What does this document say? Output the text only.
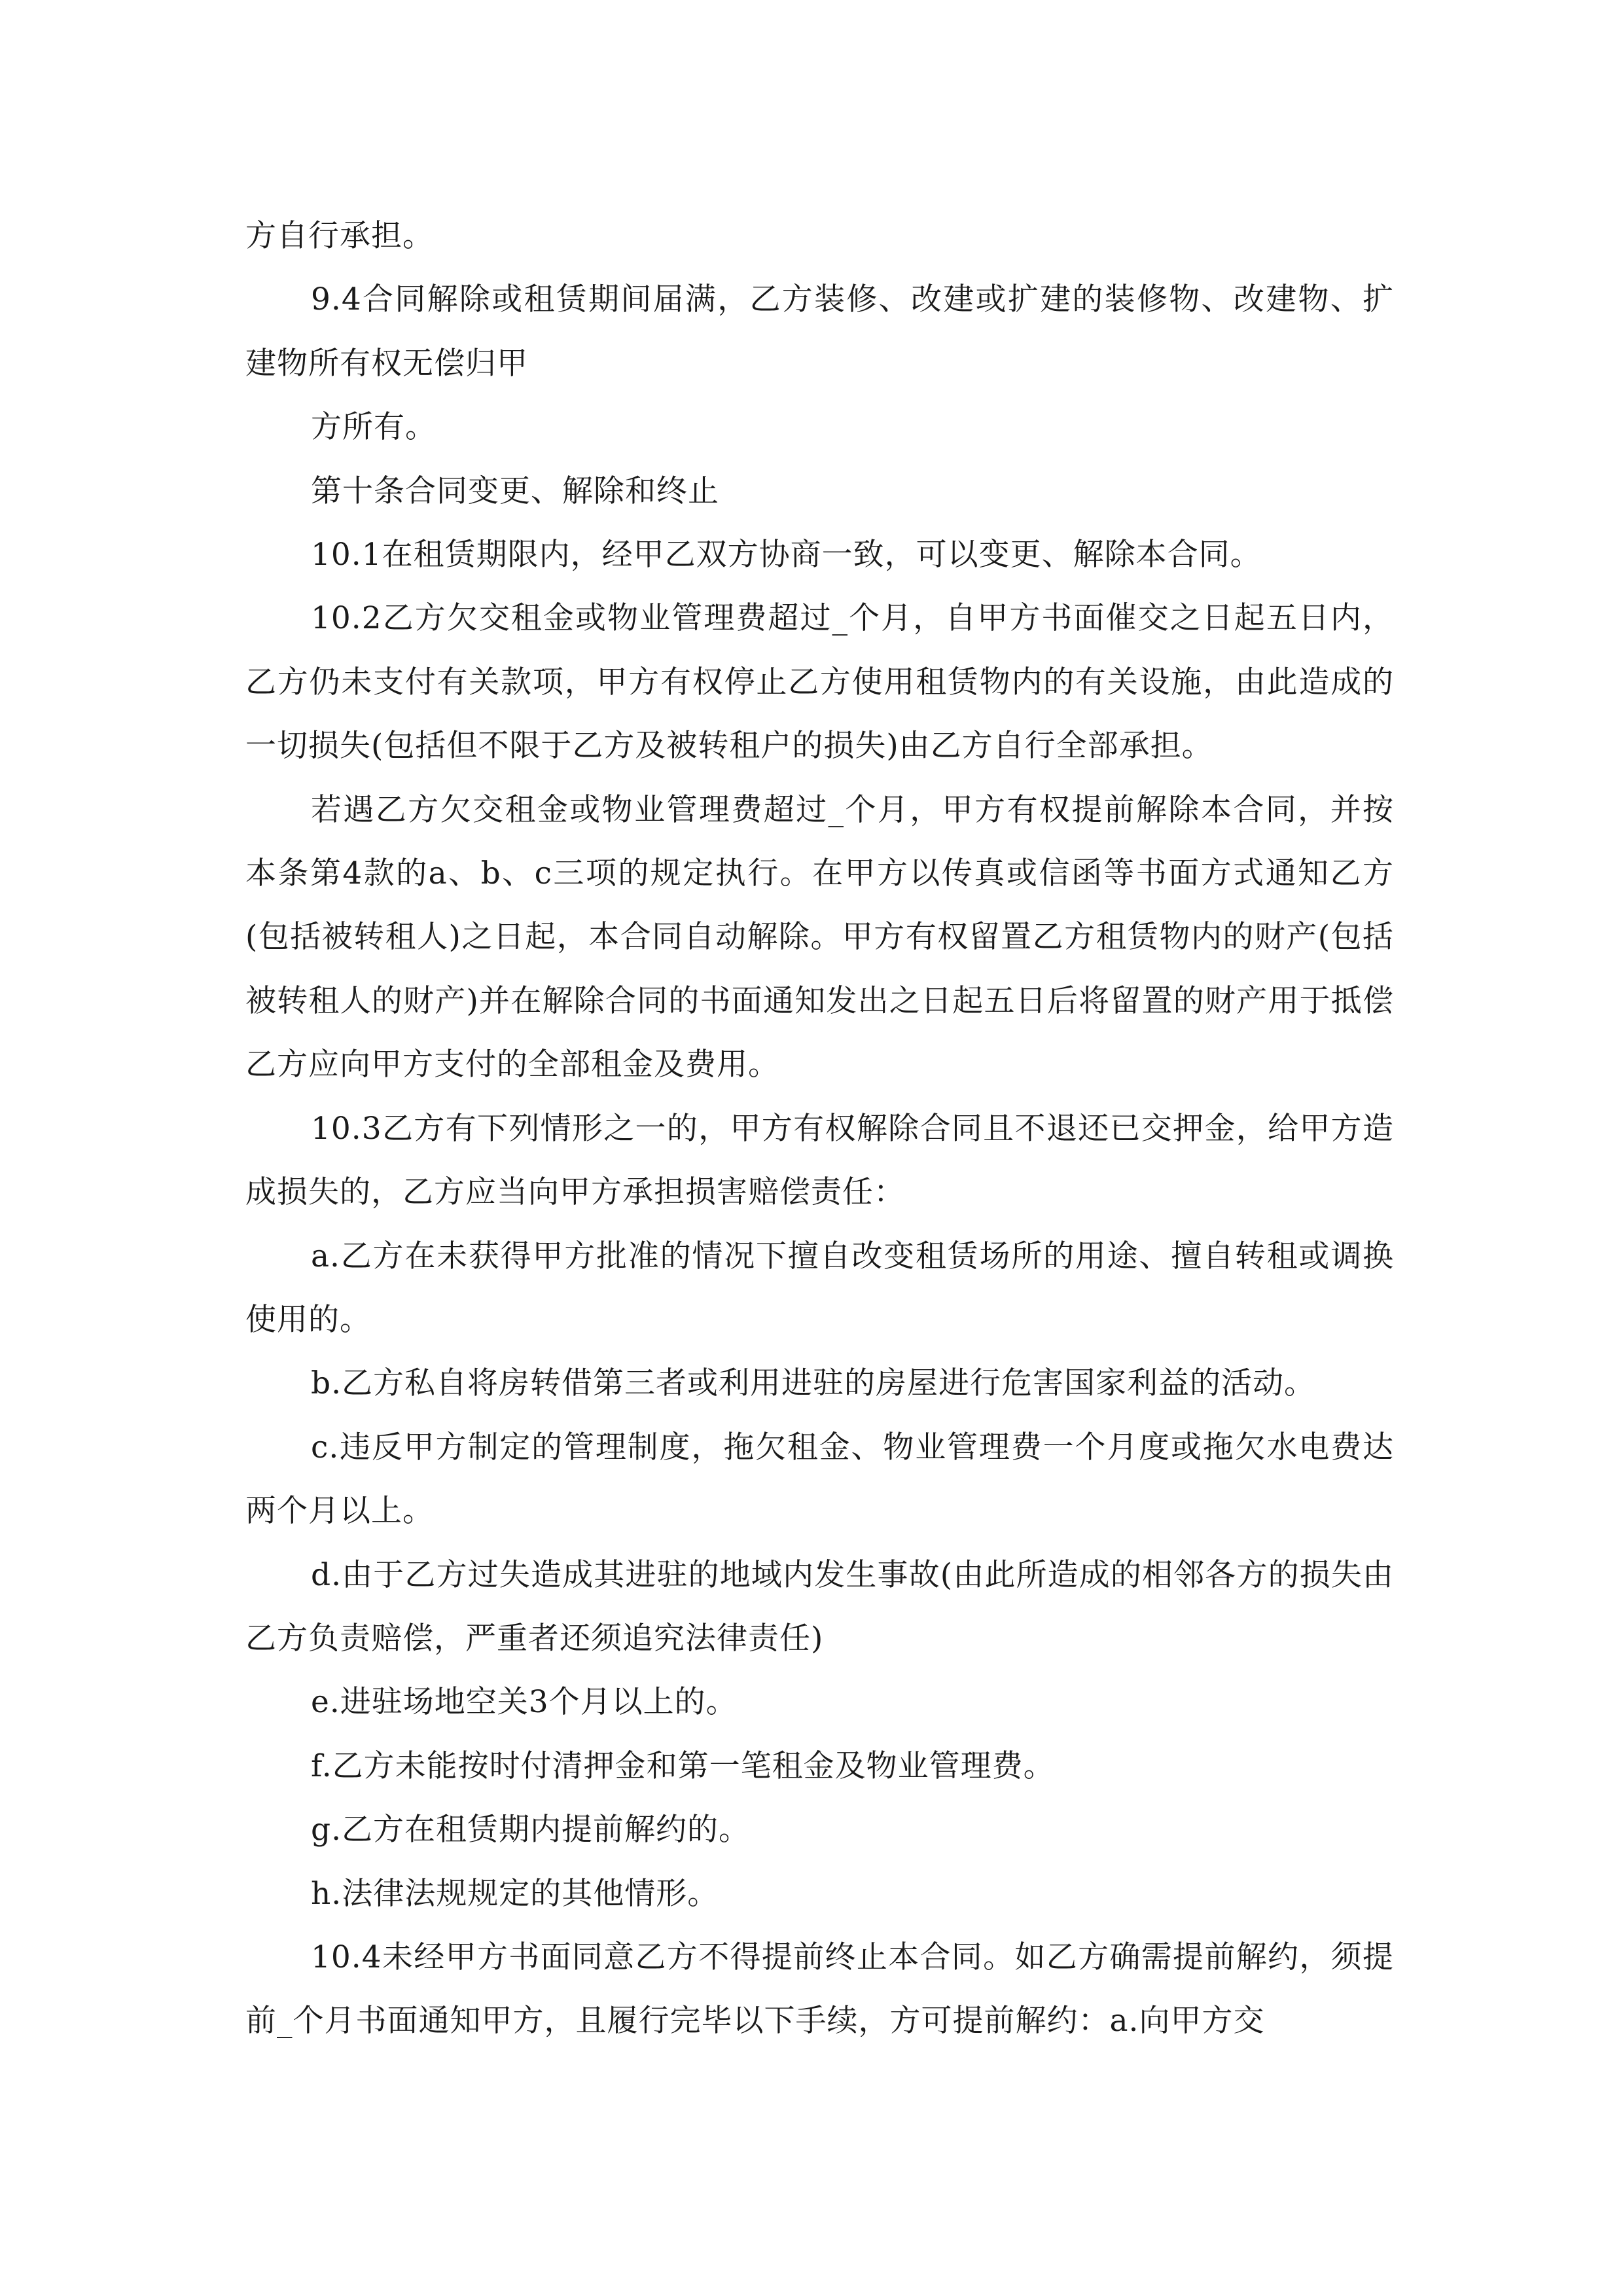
方自行承担。

9.4合同解除或租赁期间届满，乙方装修、改建或扩建的装修物、改建物、扩建物所有权无偿归甲

方所有。

第十条合同变更、解除和终止

10.1在租赁期限内，经甲乙双方协商一致，可以变更、解除本合同。

10.2乙方欠交租金或物业管理费超过_个月，自甲方书面催交之日起五日内，乙方仍未支付有关款项，甲方有权停止乙方使用租赁物内的有关设施，由此造成的一切损失(包括但不限于乙方及被转租户的损失)由乙方自行全部承担。

若遇乙方欠交租金或物业管理费超过_个月，甲方有权提前解除本合同，并按本条第4款的a、b、c三项的规定执行。在甲方以传真或信函等书面方式通知乙方(包括被转租人)之日起，本合同自动解除。甲方有权留置乙方租赁物内的财产(包括被转租人的财产)并在解除合同的书面通知发出之日起五日后将留置的财产用于抵偿乙方应向甲方支付的全部租金及费用。

10.3乙方有下列情形之一的，甲方有权解除合同且不退还已交押金，给甲方造成损失的，乙方应当向甲方承担损害赔偿责任：

a.乙方在未获得甲方批准的情况下擅自改变租赁场所的用途、擅自转租或调换使用的。

b.乙方私自将房转借第三者或利用进驻的房屋进行危害国家利益的活动。

c.违反甲方制定的管理制度，拖欠租金、物业管理费一个月度或拖欠水电费达两个月以上。

d.由于乙方过失造成其进驻的地域内发生事故(由此所造成的相邻各方的损失由乙方负责赔偿，严重者还须追究法律责任)

e.进驻场地空关3个月以上的。

f.乙方未能按时付清押金和第一笔租金及物业管理费。

g.乙方在租赁期内提前解约的。

h.法律法规规定的其他情形。

10.4未经甲方书面同意乙方不得提前终止本合同。如乙方确需提前解约，须提前_个月书面通知甲方，且履行完毕以下手续，方可提前解约：a.向甲方交
